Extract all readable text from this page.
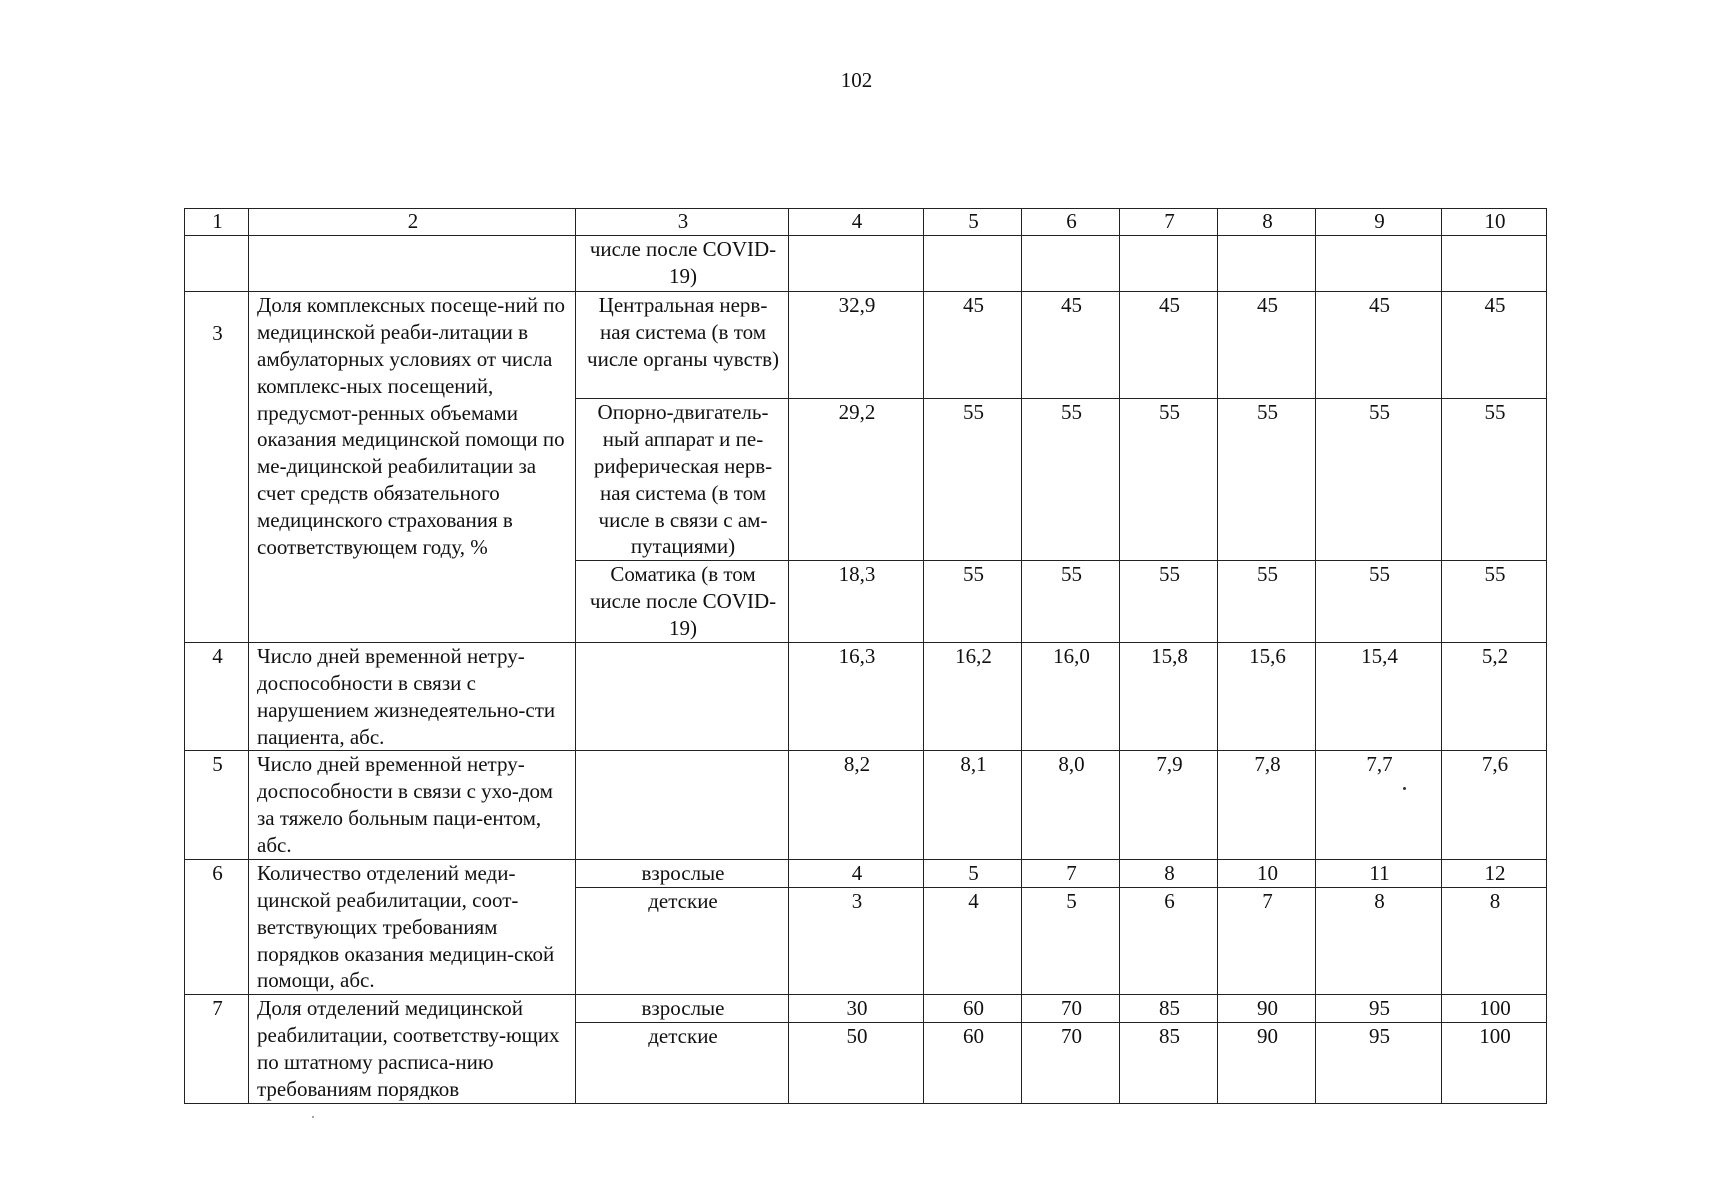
102
1	2	3	4	5	6	7	8	9	10
		числе после COVID-19)							
3	Доля комплексных посеще-ний по медицинской реаби-литации в амбулаторных условиях от числа комплекс-ных посещений, предусмот-ренных объемами оказания медицинской помощи по ме-дицинской реабилитации за счет средств обязательного медицинского страхования в соответствующем году, %	Центральная нерв-ная система (в том числе органы чувств)	32,9	45	45	45	45	45	45
		Опорно-двигатель-ный аппарат и пе-риферическая нерв-ная система (в том числе в связи с ам-путациями)	29,2	55	55	55	55	55	55
		Соматика (в том числе после COVID-19)	18,3	55	55	55	55	55	55
4	Число дней временной нетру-доспособности в связи с нарушением жизнедеятельно-сти пациента, абс.		16,3	16,2	16,0	15,8	15,6	15,4	5,2
5	Число дней временной нетру-доспособности в связи с ухо-дом за тяжело больным паци-ентом, абс.		8,2	8,1	8,0	7,9	7,8	7,7	7,6
6	Количество отделений меди-цинской реабилитации, соот-ветствующих требованиям порядков оказания медицин-ской помощи, абс.	взрослые	4	5	7	8	10	11	12
		детские	3	4	5	6	7	8	8
7	Доля отделений медицинской реабилитации, соответству-ющих по штатному расписа-нию требованиям порядков	взрослые	30	60	70	85	90	95	100
		детские	50	60	70	85	90	95	100
